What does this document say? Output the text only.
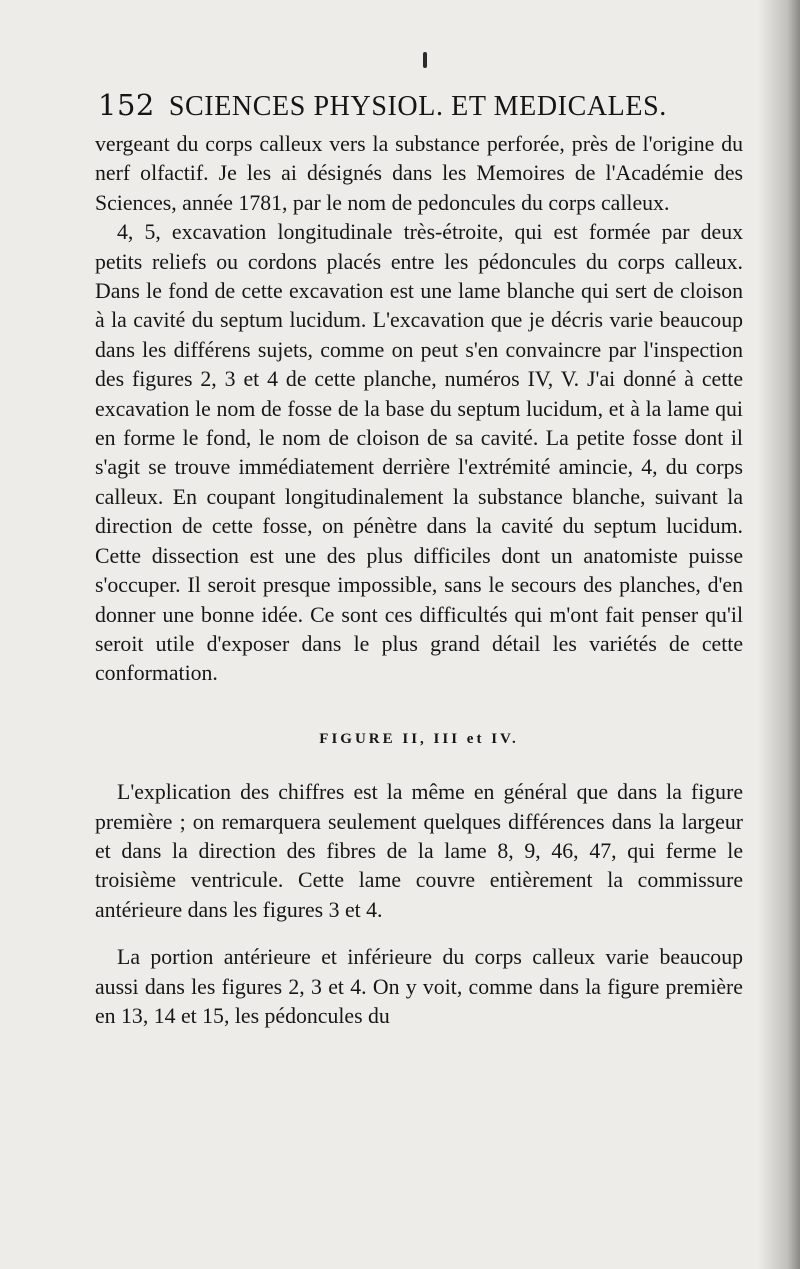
152 SCIENCES PHYSIOL. ET MEDICALES.

vergeant du corps calleux vers la substance perforée, près de l'origine du nerf olfactif. Je les ai désignés dans les Memoires de l'Académie des Sciences, année 1781, par le nom de pedoncules du corps calleux.

4, 5, excavation longitudinale très-étroite, qui est formée par deux petits reliefs ou cordons placés entre les pédoncules du corps calleux. Dans le fond de cette excavation est une lame blanche qui sert de cloison à la cavité du septum lucidum. L'excavation que je décris varie beaucoup dans les différens sujets, comme on peut s'en convaincre par l'inspection des figures 2, 3 et 4 de cette planche, numéros IV, V. J'ai donné à cette excavation le nom de fosse de la base du septum lucidum, et à la lame qui en forme le fond, le nom de cloison de sa cavité. La petite fosse dont il s'agit se trouve immédiatement derrière l'extrémité amincie, 4, du corps calleux. En coupant longitudinalement la substance blanche, suivant la direction de cette fosse, on pénètre dans la cavité du septum lucidum. Cette dissection est une des plus difficiles dont un anatomiste puisse s'occuper. Il seroit presque impossible, sans le secours des planches, d'en donner une bonne idée. Ce sont ces difficultés qui m'ont fait penser qu'il seroit utile d'exposer dans le plus grand détail les variétés de cette conformation.

FIGURE II, III et IV.

L'explication des chiffres est la même en général que dans la figure première ; on remarquera seulement quelques différences dans la largeur et dans la direction des fibres de la lame 8, 9, 46, 47, qui ferme le troisième ventricule. Cette lame couvre entièrement la commissure antérieure dans les figures 3 et 4.

La portion antérieure et inférieure du corps calleux varie beaucoup aussi dans les figures 2, 3 et 4. On y voit, comme dans la figure première en 13, 14 et 15, les pédoncules du
